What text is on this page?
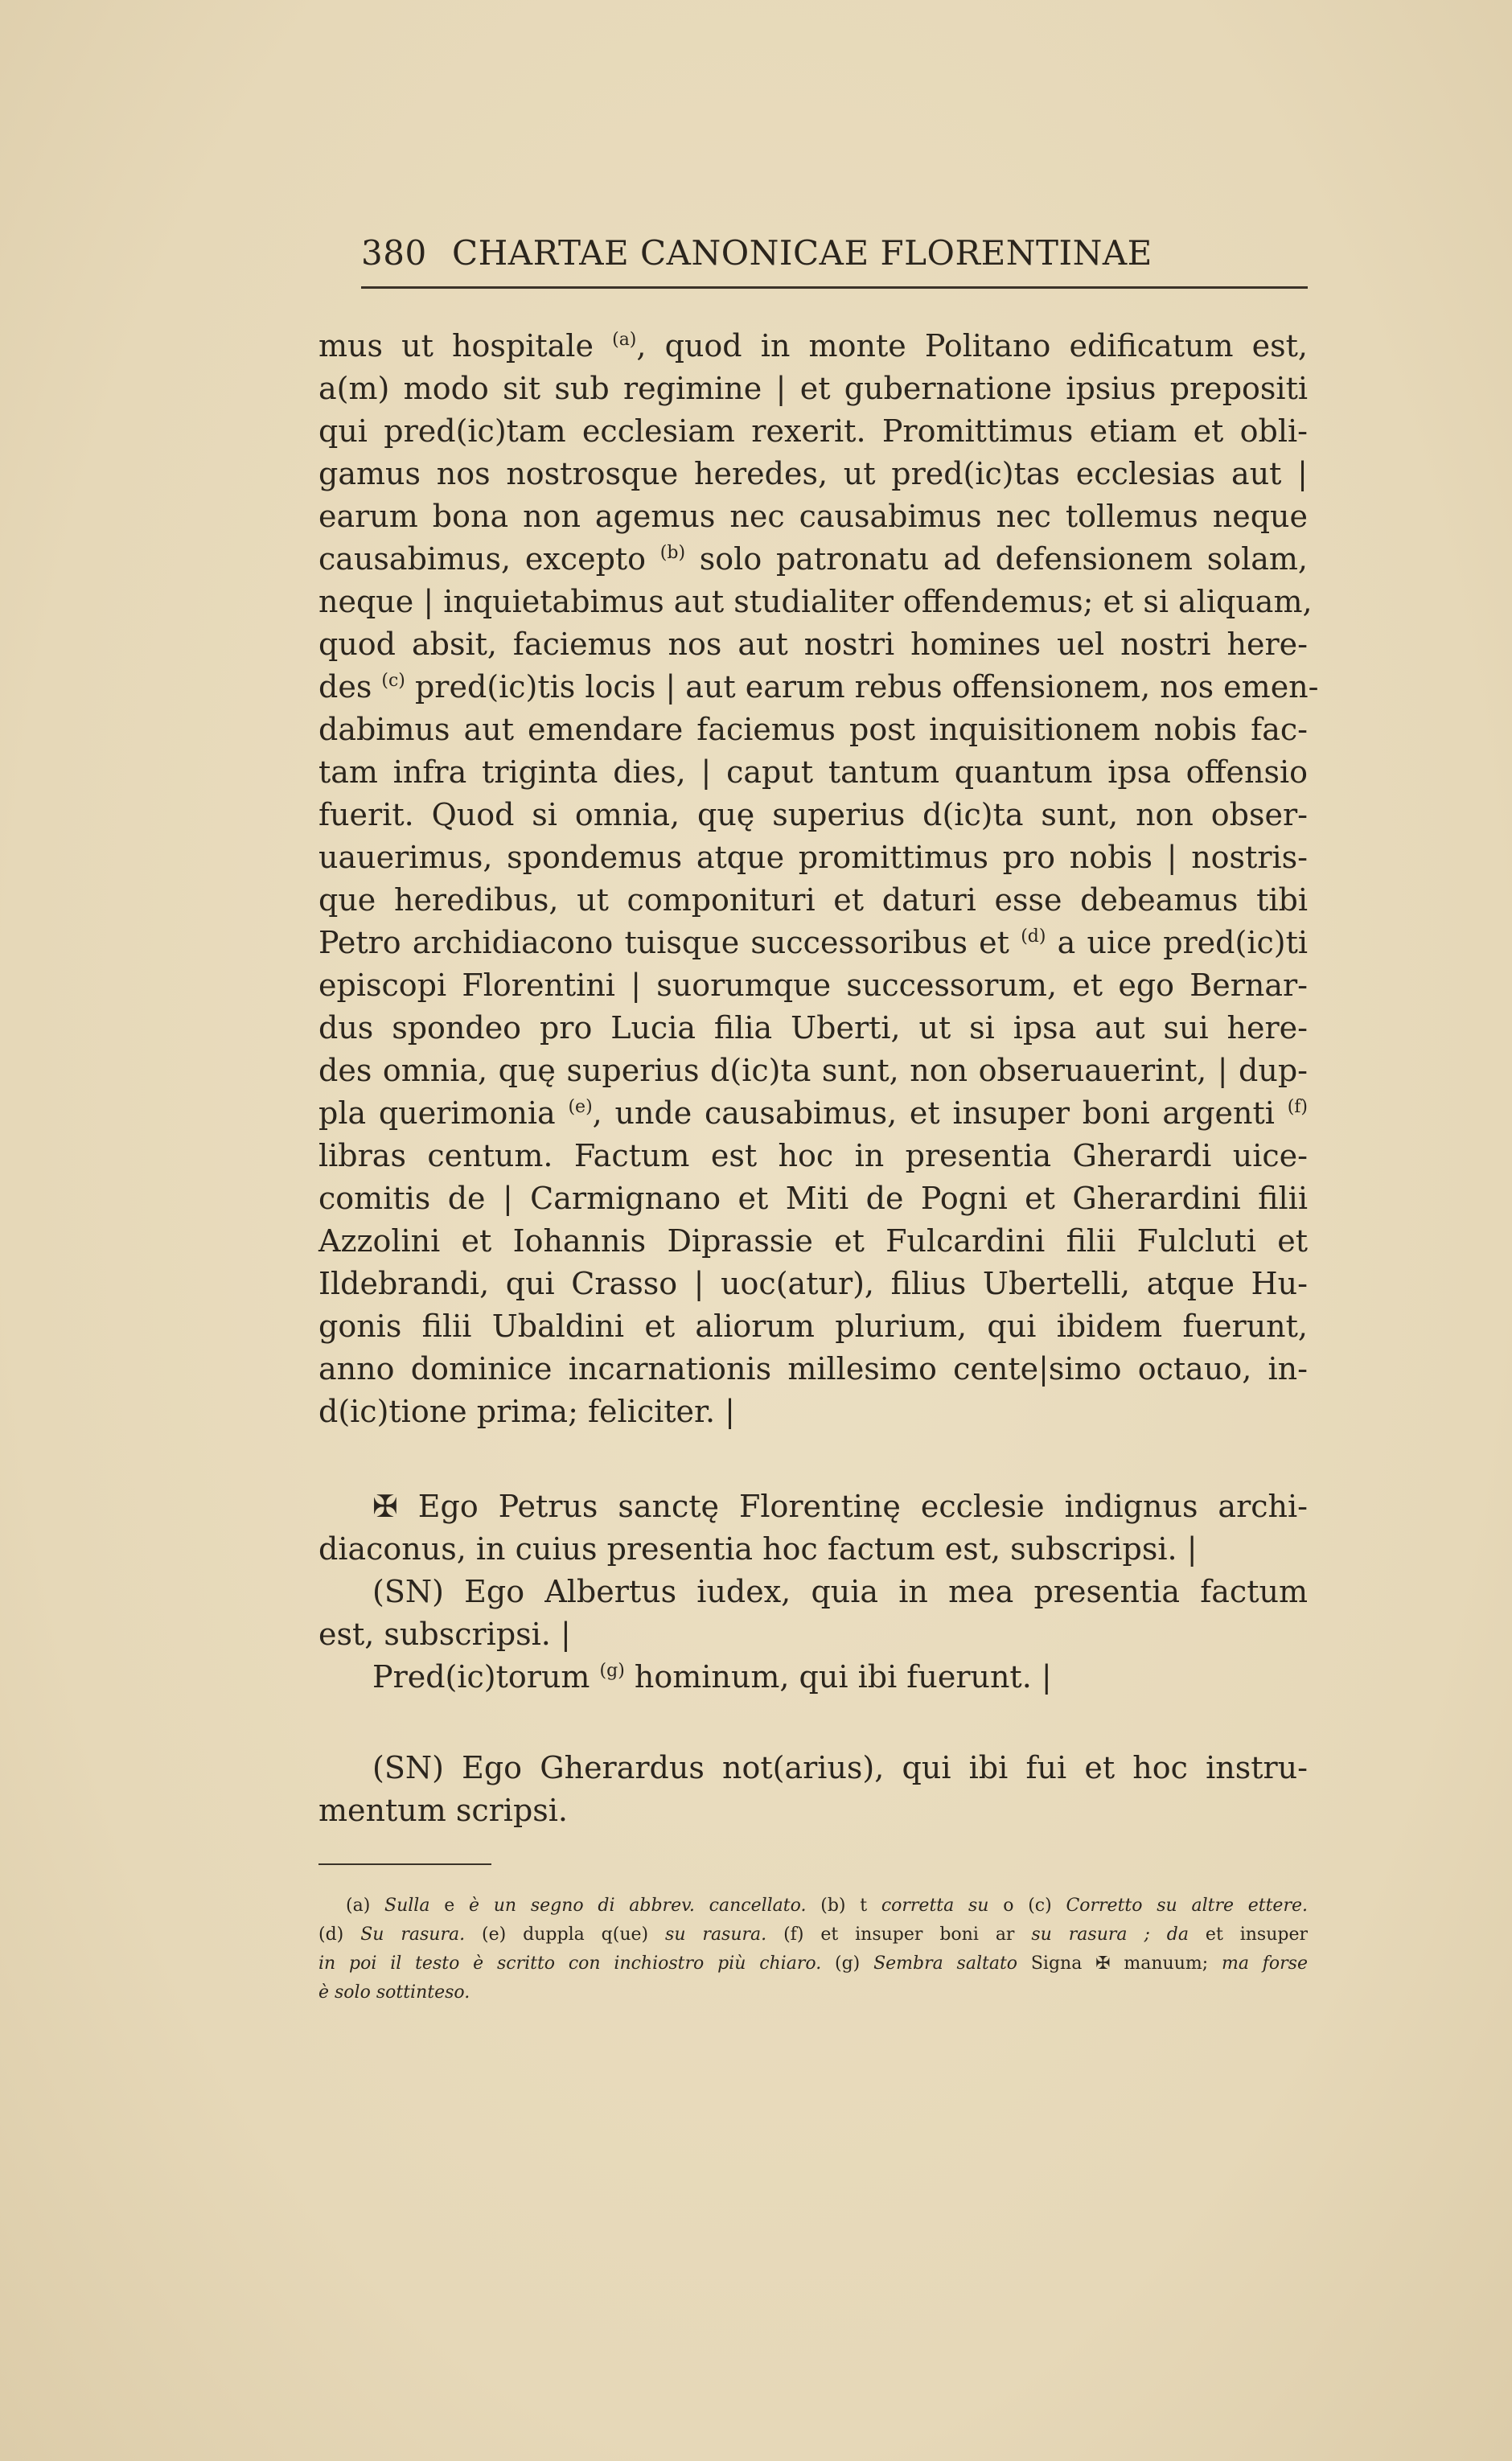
380 CHARTAE CANONICAE FLORENTINAE
mus ut hospitale $^{(a)}$, quod in monte Politano edificatum est,
a(m) modo sit sub regimine | et gubernatione ipsius prepositi
qui pred(ic)tam ecclesiam rexerit. Promittimus etiam et obli-
gamus nos nostrosque heredes, ut pred(ic)tas ecclesias aut |
earum bona non agemus nec causabimus nec tollemus neque
causabimus, excepto $^{(b)}$ solo patronatu ad defensionem solam,
neque | inquietabimus aut studialiter offendemus; et si aliquam,
quod absit, faciemus nos aut nostri homines uel nostri here-
des $^{(c)}$ pred(ic)tis locis | aut earum rebus offensionem, nos emen-
dabimus aut emendare faciemus post inquisitionem nobis fac-
tam infra triginta dies, | caput tantum quantum ipsa offensio
fuerit. Quod si omnia, quę superius d(ic)ta sunt, non obser-
uauerimus, spondemus atque promittimus pro nobis | nostris-
que heredibus, ut componituri et daturi esse debeamus tibi
Petro archidiacono tuisque successoribus et $^{(d)}$ a uice pred(ic)ti
episcopi Florentini | suorumque successorum, et ego Bernar-
dus spondeo pro Lucia filia Uberti, ut si ipsa aut sui here-
des omnia, quę superius d(ic)ta sunt, non obseruauerint, | dup-
pla querimonia $^{(e)}$, unde causabimus, et insuper boni argenti $^{(f)}$
libras centum. Factum est hoc in presentia Gherardi uice-
comitis de | Carmignano et Miti de Pogni et Gherardini filii
Azzolini et Iohannis Diprassie et Fulcardini filii Fulcluti et
Ildebrandi, qui Crasso | uoc(atur), filius Ubertelli, atque Hu-
gonis filii Ubaldini et aliorum plurium, qui ibidem fuerunt,
anno dominice incarnationis millesimo cente|simo octauo, in-
d(ic)tione prima; feliciter. |
✠ Ego Petrus sanctę Florentinę ecclesie indignus archi-
diaconus, in cuius presentia hoc factum est, subscripsi. |
(SN) Ego Albertus iudex, quia in mea presentia factum
est, subscripsi. |
Pred(ic)torum $^{(g)}$ hominum, qui ibi fuerunt. |
(SN) Ego Gherardus not(arius), qui ibi fui et hoc instru-
mentum scripsi.
(a) Sulla e è un segno di abbrev. cancellato. (b) t corretta su o (c) Corretto su altre ettere.
(d) Su rasura. (e) duppla q(ue) su rasura. (f) et insuper boni ar su rasura ; da et insuper
in poi il testo è scritto con inchiostro più chiaro. (g) Sembra saltato Signa ✠ manuum; ma forse
è solo sottinteso.
